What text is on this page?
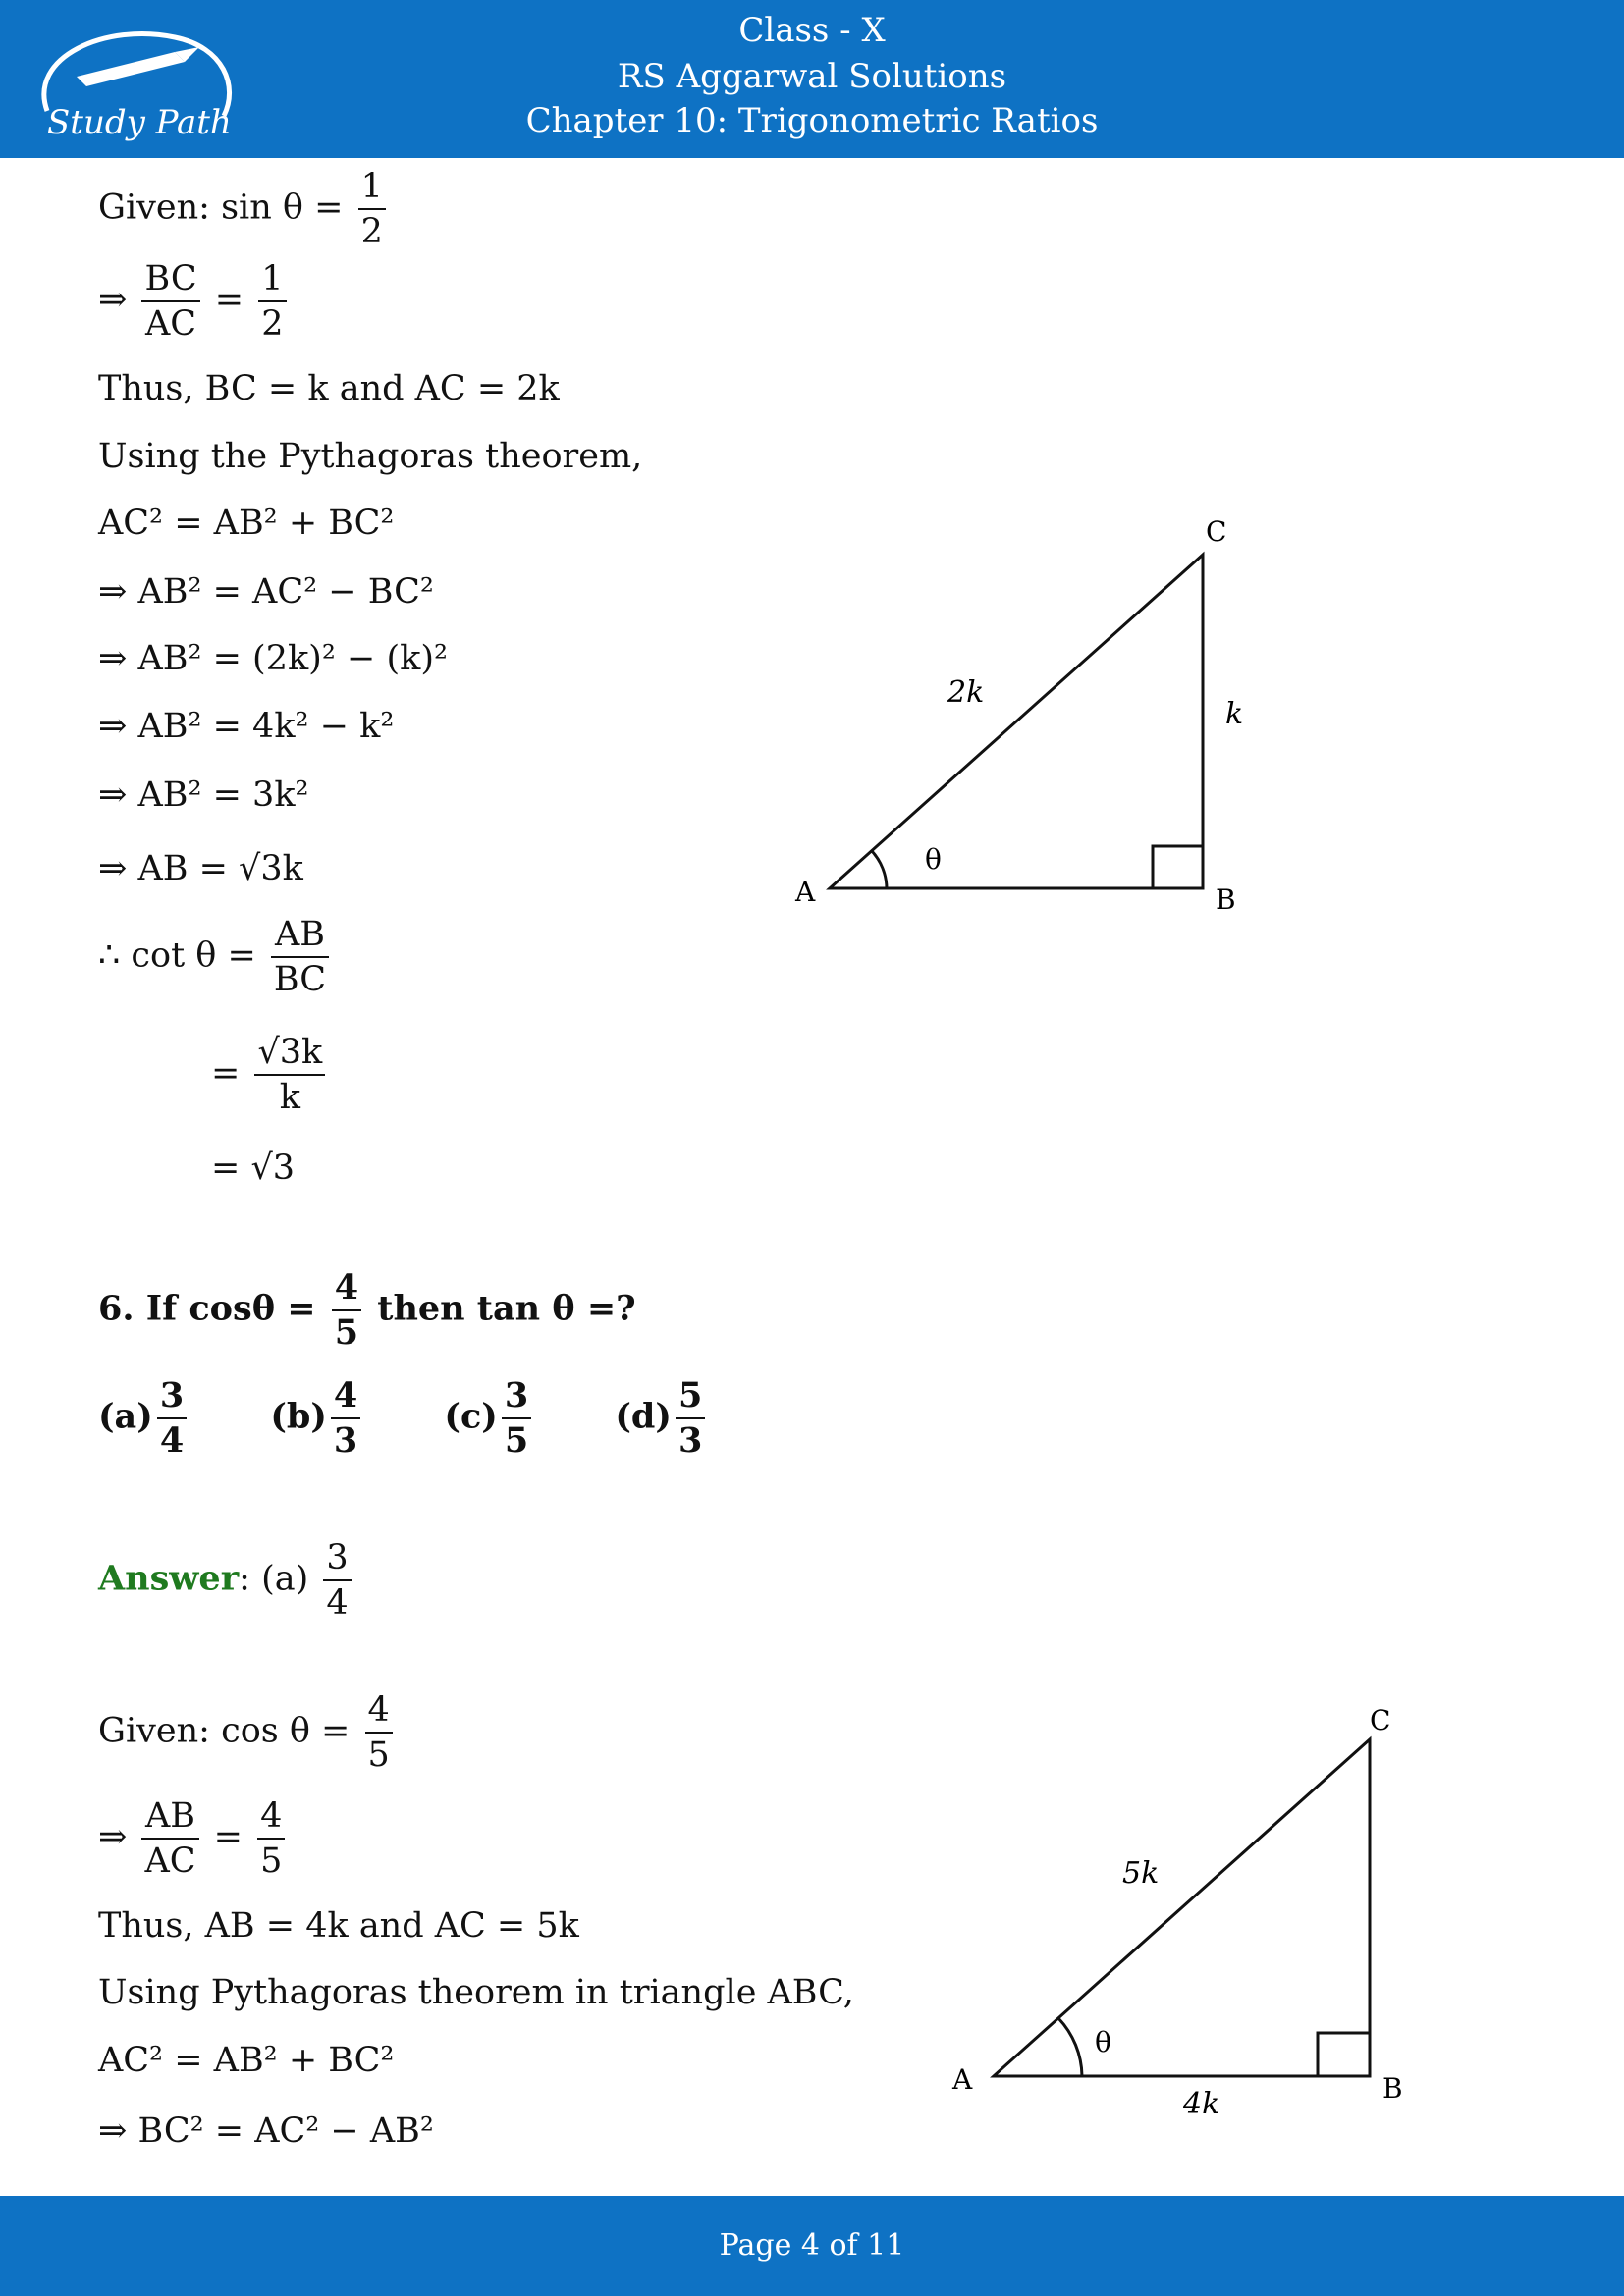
Study Path
Class - X
RS Aggarwal Solutions
Chapter 10: Trigonometric Ratios
Given: $\sin \theta = \frac{1}{2}$
⇒ $\frac{BC}{AC} = \frac{1}{2}$
Thus, BC = k and AC = 2k
Using the Pythagoras theorem,
AC² = AB² + BC²
⇒ AB² = AC² − BC²
⇒ AB² = (2k)² − (k)²
⇒ AB² = 4k² − k²
⇒ AB² = 3k²
⇒ AB = √3k
∴ $\cot \theta = \frac{AB}{BC}$
= $\frac{√3k}{k}$
= √3
A	B
C
2k
k
θ
6. If $\cos\theta = \frac{4}{5}$ then tan θ =?
$(a) \frac{3}{4} (b) \frac{4}{3} (c) \frac{3}{5} (d) \frac{5}{3}$
Answer: $(a) \frac{3}{4}$
Given: $\cos \theta = \frac{4}{5}$
⇒ $\frac{AB}{AC} = \frac{4}{5}$
Thus, AB = 4k and AC = 5k
Using Pythagoras theorem in triangle ABC,
AC² = AB² + BC²
⇒ BC² = AC² − AB²
A	B
C
5k
4k
θ
Page 4 of 11
